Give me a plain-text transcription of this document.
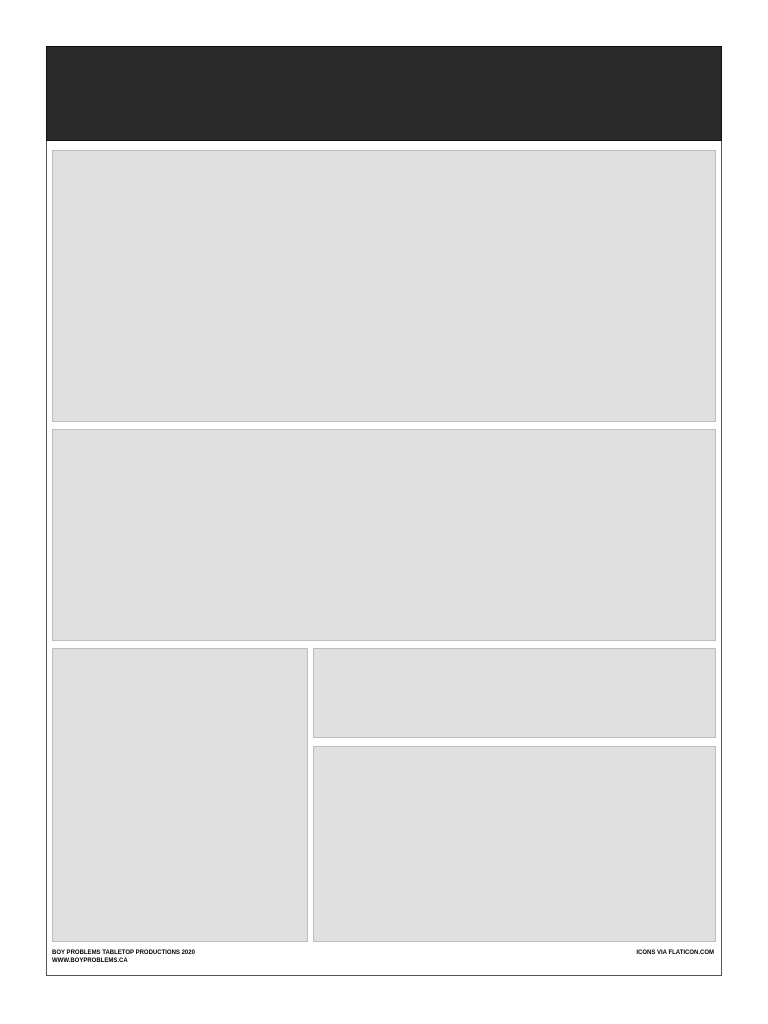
BOY PROBLEMS TABLETOP PRODUCTIONS 2020

WWW.BOYPROBLEMS.CA

ICONS VIA FLATICON.COM
